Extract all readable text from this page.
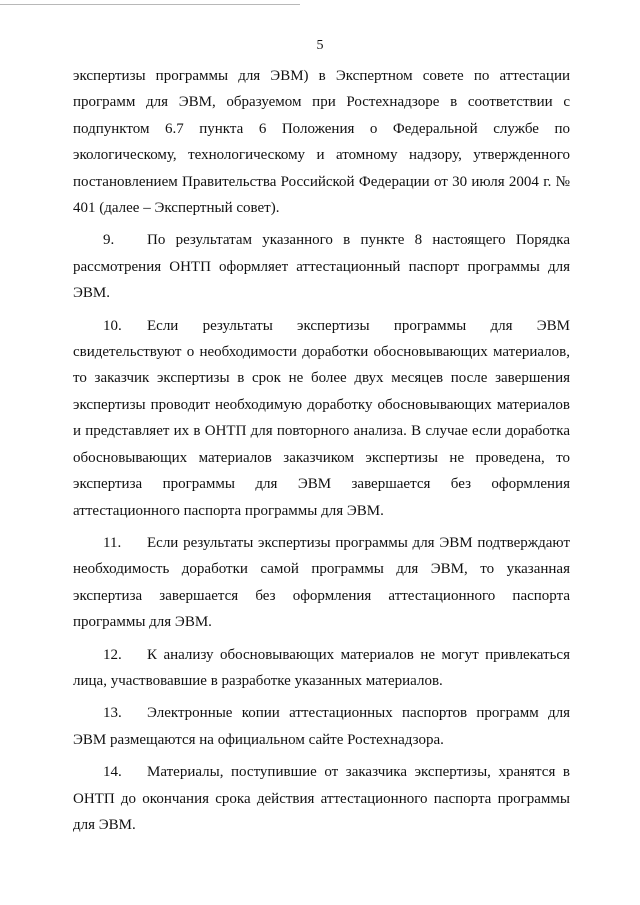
5

экспертизы программы для ЭВМ) в Экспертном совете по аттестации программ для ЭВМ, образуемом при Ростехнадзоре в соответствии с подпунктом 6.7 пункта 6 Положения о Федеральной службе по экологическому, технологическому и атомному надзору, утвержденного постановлением Правительства Российской Федерации от 30 июля 2004 г. № 401 (далее – Экспертный совет).

9. По результатам указанного в пункте 8 настоящего Порядка рассмотрения ОНТП оформляет аттестационный паспорт программы для ЭВМ.

10. Если результаты экспертизы программы для ЭВМ свидетельствуют о необходимости доработки обосновывающих материалов, то заказчик экспертизы в срок не более двух месяцев после завершения экспертизы проводит необходимую доработку обосновывающих материалов и представляет их в ОНТП для повторного анализа. В случае если доработка обосновывающих материалов заказчиком экспертизы не проведена, то экспертиза программы для ЭВМ завершается без оформления аттестационного паспорта программы для ЭВМ.

11. Если результаты экспертизы программы для ЭВМ подтверждают необходимость доработки самой программы для ЭВМ, то указанная экспертиза завершается без оформления аттестационного паспорта программы для ЭВМ.

12. К анализу обосновывающих материалов не могут привлекаться лица, участвовавшие в разработке указанных материалов.

13. Электронные копии аттестационных паспортов программ для ЭВМ размещаются на официальном сайте Ростехнадзора.

14. Материалы, поступившие от заказчика экспертизы, хранятся в ОНТП до окончания срока действия аттестационного паспорта программы для ЭВМ.
